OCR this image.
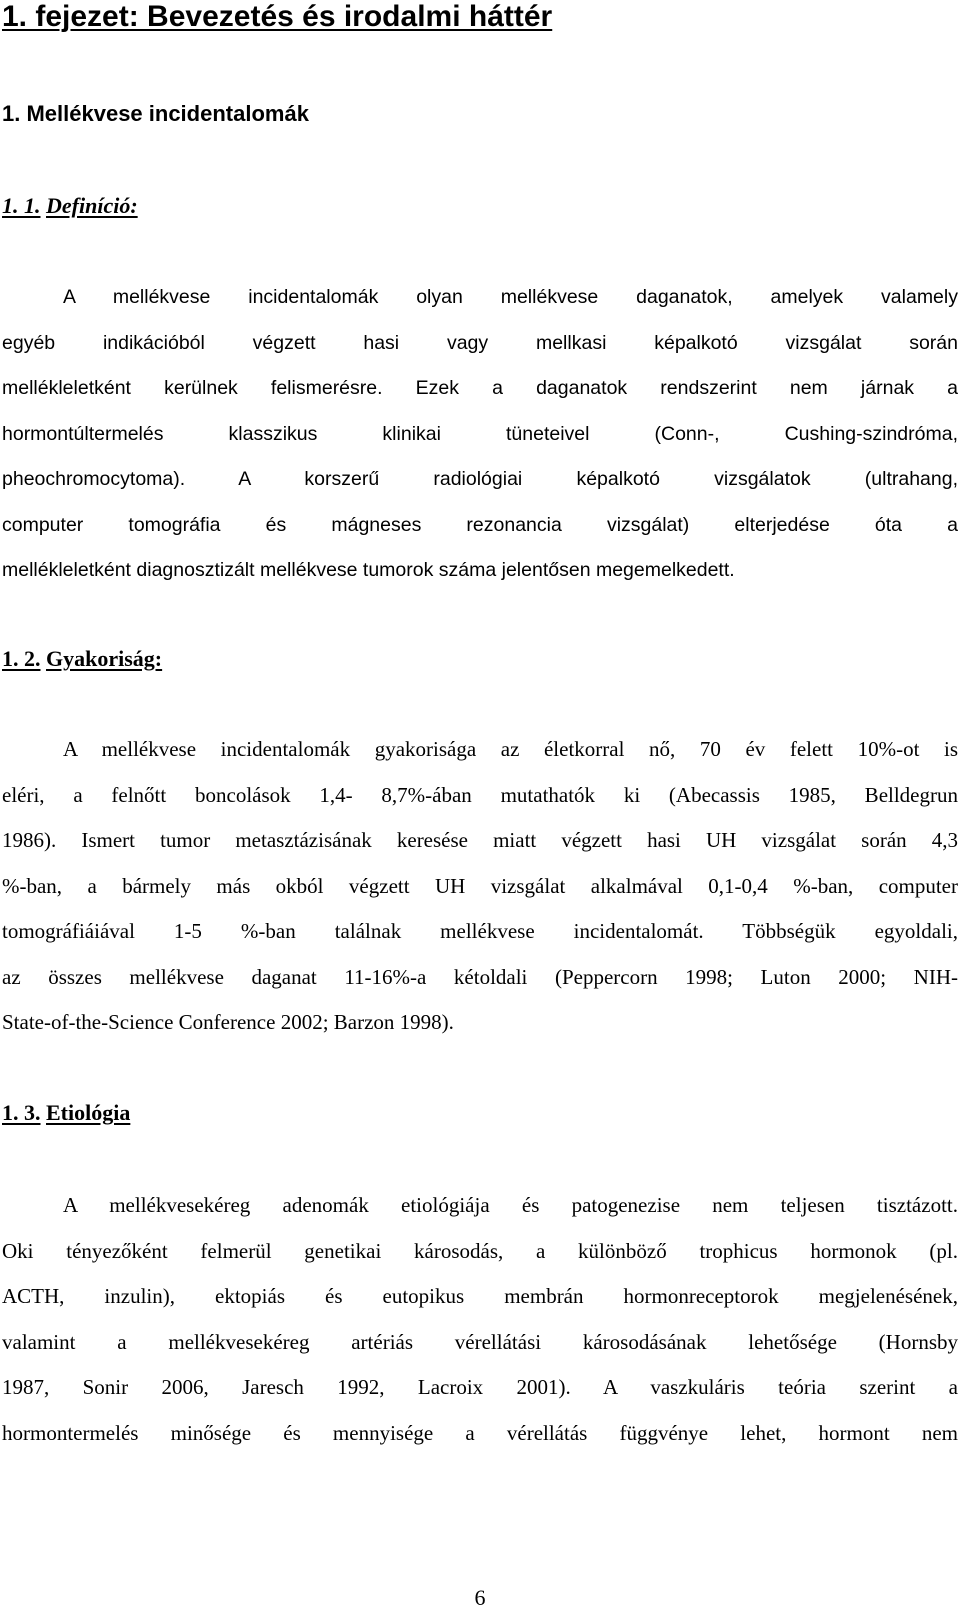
1. fejezet: Bevezetés és irodalmi háttér
1. Mellékvese incidentalomák
1. 1. Definíció:
A mellékvese incidentalomák olyan mellékvese daganatok, amelyek valamely
egyéb indikációból végzett hasi vagy mellkasi képalkotó vizsgálat során
mellékleletként kerülnek felismerésre. Ezek a daganatok rendszerint nem járnak a
hormontúltermelés klasszikus klinikai tüneteivel (Conn-, Cushing-szindróma,
pheochromocytoma). A korszerű radiológiai képalkotó vizsgálatok (ultrahang,
computer tomográfia és mágneses rezonancia vizsgálat) elterjedése óta a
mellékleletként diagnosztizált mellékvese tumorok száma jelentősen megemelkedett.
1. 2. Gyakoriság:
A mellékvese incidentalomák gyakorisága az életkorral nő, 70 év felett 10%-ot is
eléri, a felnőtt boncolások 1,4- 8,7%-ában mutathatók ki (Abecassis 1985, Belldegrun
1986). Ismert tumor metasztázisának keresése miatt végzett hasi UH vizsgálat során 4,3
%-ban, a bármely más okból végzett UH vizsgálat alkalmával 0,1-0,4 %-ban, computer
tomográfiáiával 1-5 %-ban találnak mellékvese incidentalomát. Többségük egyoldali,
az összes mellékvese daganat 11-16%-a kétoldali (Peppercorn 1998; Luton 2000; NIH-
State-of-the-Science Conference 2002; Barzon 1998).
1. 3. Etiológia
A mellékvesekéreg adenomák etiológiája és patogenezise nem teljesen tisztázott.
Oki tényezőként felmerül genetikai károsodás, a különböző trophicus hormonok (pl.
ACTH, inzulin), ektopiás és eutopikus membrán hormonreceptorok megjelenésének,
valamint a mellékvesekéreg artériás vérellátási károsodásának lehetősége (Hornsby
1987, Sonir 2006, Jaresch 1992, Lacroix 2001). A vaszkuláris teória szerint a
hormontermelés minősége és mennyisége a vérellátás függvénye lehet, hormont nem
6
